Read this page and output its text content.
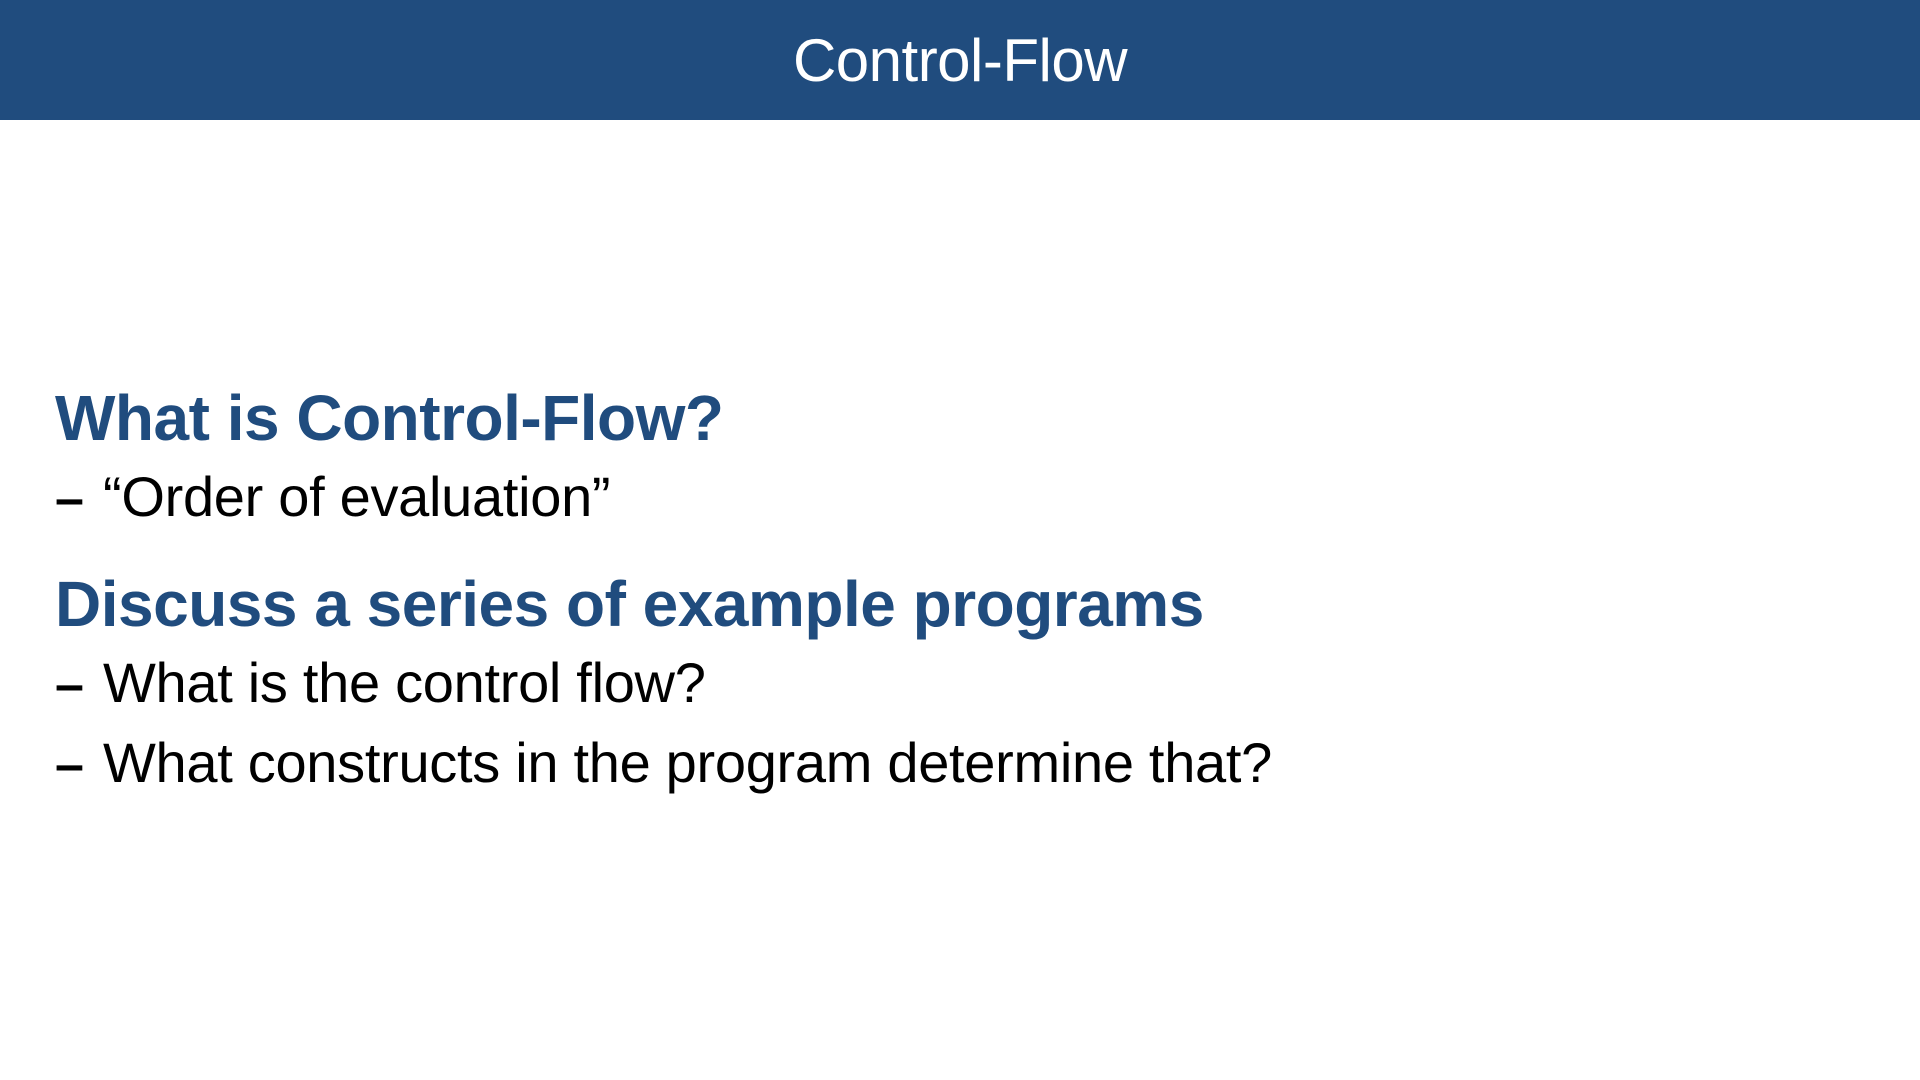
Control-Flow
What is Control-Flow?
– “Order of evaluation”
Discuss a series of example programs
– What is the control flow?
– What constructs in the program determine that?
